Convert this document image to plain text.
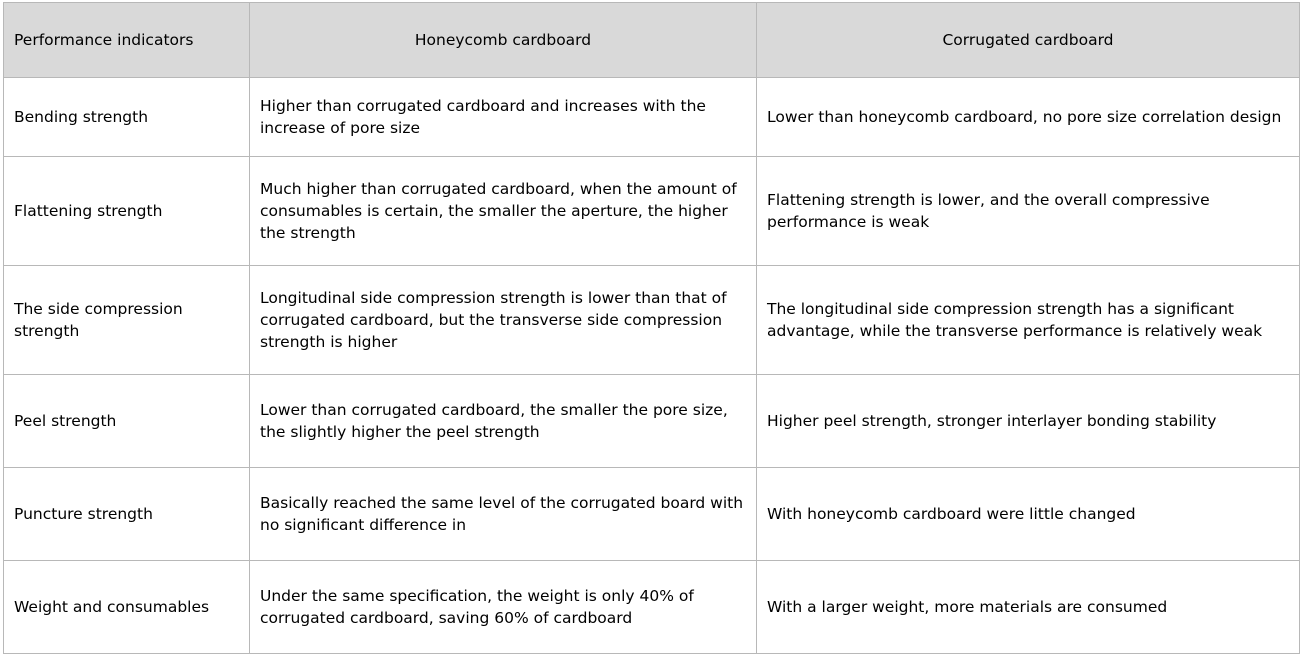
Performance indicators	Honeycomb cardboard	Corrugated cardboard
Bending strength	Higher than corrugated cardboard and increases with the increase of pore size	Lower than honeycomb cardboard, no pore size correlation design
Flattening strength	Much higher than corrugated cardboard, when the amount of consumables is certain, the smaller the aperture, the higher the strength	Flattening strength is lower, and the overall compressive performance is weak
The side compression strength	Longitudinal side compression strength is lower than that of corrugated cardboard, but the transverse side compression strength is higher	The longitudinal side compression strength has a significant advantage, while the transverse performance is relatively weak
Peel strength	Lower than corrugated cardboard, the smaller the pore size, the slightly higher the peel strength	Higher peel strength, stronger interlayer bonding stability
Puncture strength	Basically reached the same level of the corrugated board with no significant difference in	With honeycomb cardboard were little changed
Weight and consumables	Under the same specification, the weight is only 40% of corrugated cardboard, saving 60% of cardboard	With a larger weight, more materials are consumed
